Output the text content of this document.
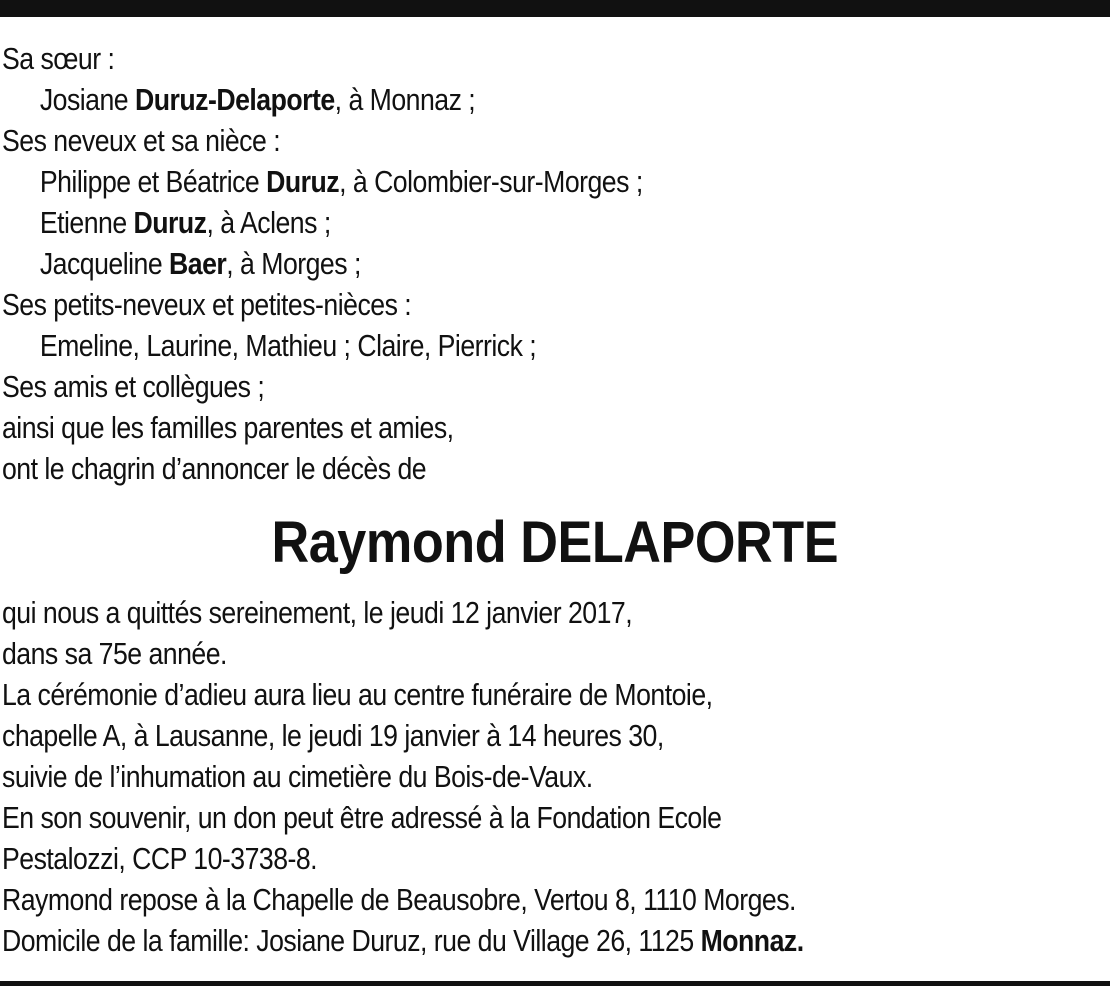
Sa sœur :
Josiane Duruz-Delaporte, à Monnaz ;
Ses neveux et sa nièce :
Philippe et Béatrice Duruz, à Colombier-sur-Morges ;
Etienne Duruz, à Aclens ;
Jacqueline Baer, à Morges ;
Ses petits-neveux et petites-nièces :
Emeline, Laurine, Mathieu ; Claire, Pierrick ;
Ses amis et collègues ;
ainsi que les familles parentes et amies,
ont le chagrin d’annoncer le décès de
Raymond DELAPORTE
qui nous a quittés sereinement, le jeudi 12 janvier 2017,
dans sa 75e année.
La cérémonie d’adieu aura lieu au centre funéraire de Montoie,
chapelle A, à Lausanne, le jeudi 19 janvier à 14 heures 30,
suivie de l’inhumation au cimetière du Bois-de-Vaux.
En son souvenir, un don peut être adressé à la Fondation Ecole
Pestalozzi, CCP 10-3738-8.
Raymond repose à la Chapelle de Beausobre, Vertou 8, 1110 Morges.
Domicile de la famille: Josiane Duruz, rue du Village 26, 1125 Monnaz.
